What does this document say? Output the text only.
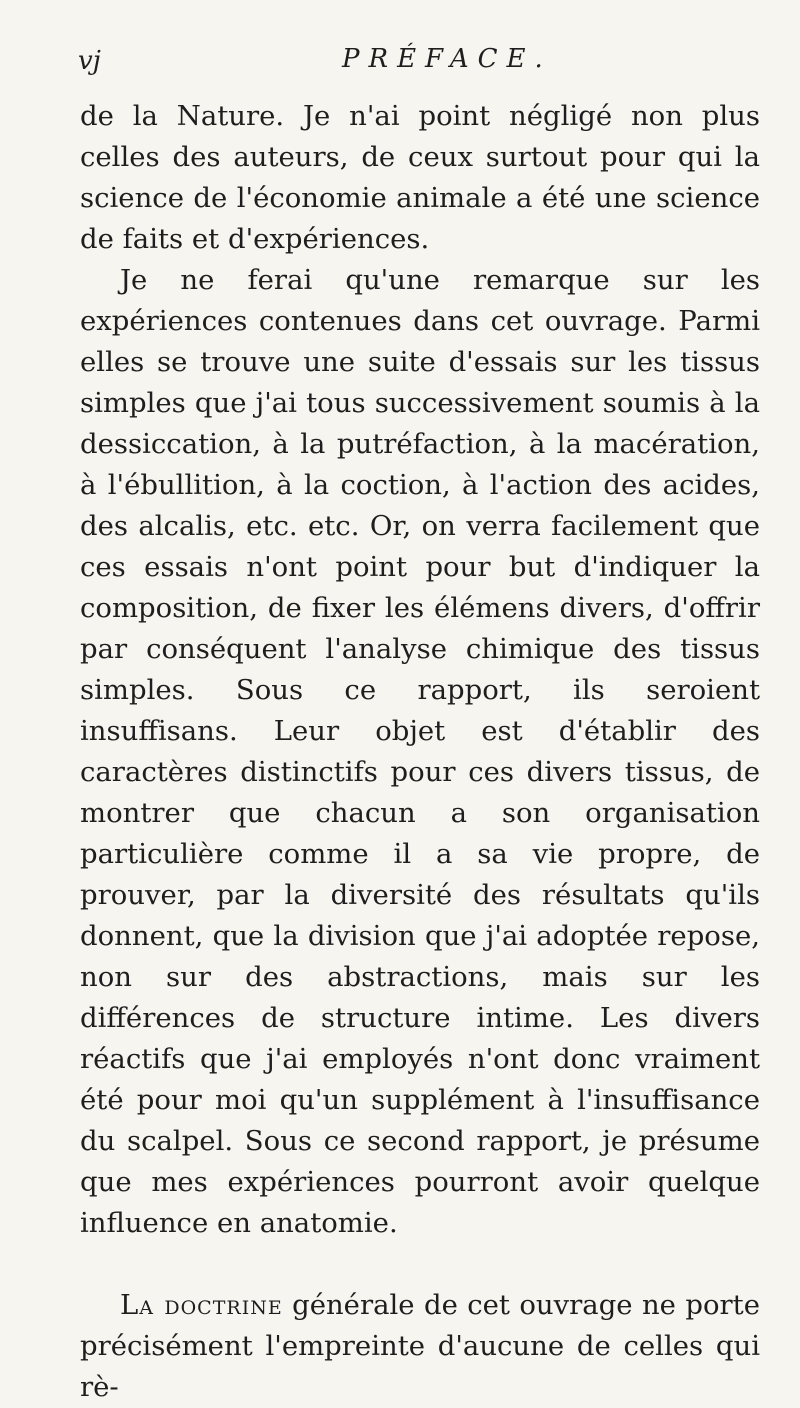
vj	PRÉFACE.

de la Nature. Je n'ai point négligé non plus celles des auteurs, de ceux surtout pour qui la science de l'économie animale a été une science de faits et d'expériences.

Je ne ferai qu'une remarque sur les expériences contenues dans cet ouvrage. Parmi elles se trouve une suite d'essais sur les tissus simples que j'ai tous successivement soumis à la dessiccation, à la putréfaction, à la macération, à l'ébullition, à la coction, à l'action des acides, des alcalis, etc. etc. Or, on verra facilement que ces essais n'ont point pour but d'indiquer la composition, de fixer les élémens divers, d'offrir par conséquent l'analyse chimique des tissus simples. Sous ce rapport, ils seroient insuffisans. Leur objet est d'établir des caractères distinctifs pour ces divers tissus, de montrer que chacun a son organisation particulière comme il a sa vie propre, de prouver, par la diversité des résultats qu'ils donnent, que la division que j'ai adoptée repose, non sur des abstractions, mais sur les différences de structure intime. Les divers réactifs que j'ai employés n'ont donc vraiment été pour moi qu'un supplément à l'insuffisance du scalpel. Sous ce second rapport, je présume que mes expériences pourront avoir quelque influence en anatomie.

La doctrine générale de cet ouvrage ne porte précisément l'empreinte d'aucune de celles qui rè-
